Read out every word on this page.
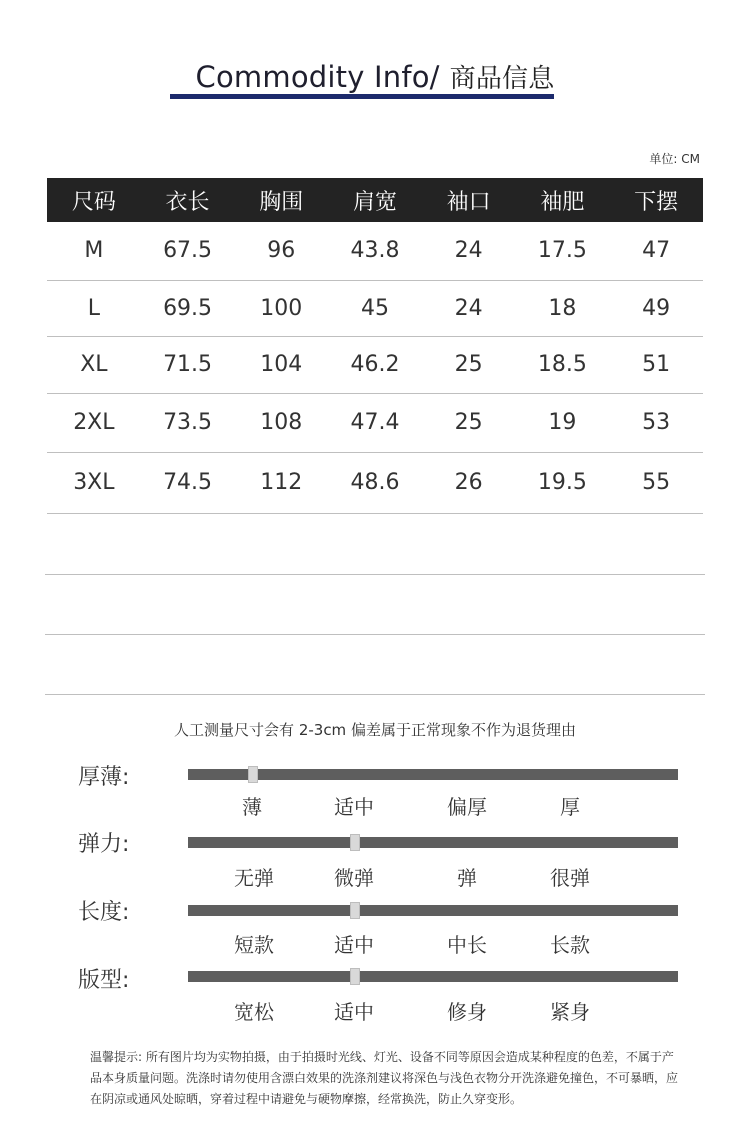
Commodity Info/ 商品信息
单位: CM
尺码	衣长	胸围	肩宽	袖口	袖肥	下摆
M	67.5	96	43.8	24	17.5	47
L	69.5	100	45	24	18	49
XL	71.5	104	46.2	25	18.5	51
2XL	73.5	108	47.4	25	19	53
3XL	74.5	112	48.6	26	19.5	55
人工测量尺寸会有 2-3cm 偏差属于正常现象不作为退货理由
厚薄:
薄	适中	偏厚	厚
弹力:
无弹	微弹	弹	很弹
长度:
短款	适中	中长	长款
版型:
宽松	适中	修身	紧身
温馨提示: 所有图片均为实物拍摄，由于拍摄时光线、灯光、设备不同等原因会造成某种程度的色差，不属于产品本身质量问题。洗涤时请勿使用含漂白效果的洗涤剂建议将深色与浅色衣物分开洗涤避免撞色，不可暴晒，应在阴凉或通风处晾晒，穿着过程中请避免与硬物摩擦，经常换洗，防止久穿变形。
